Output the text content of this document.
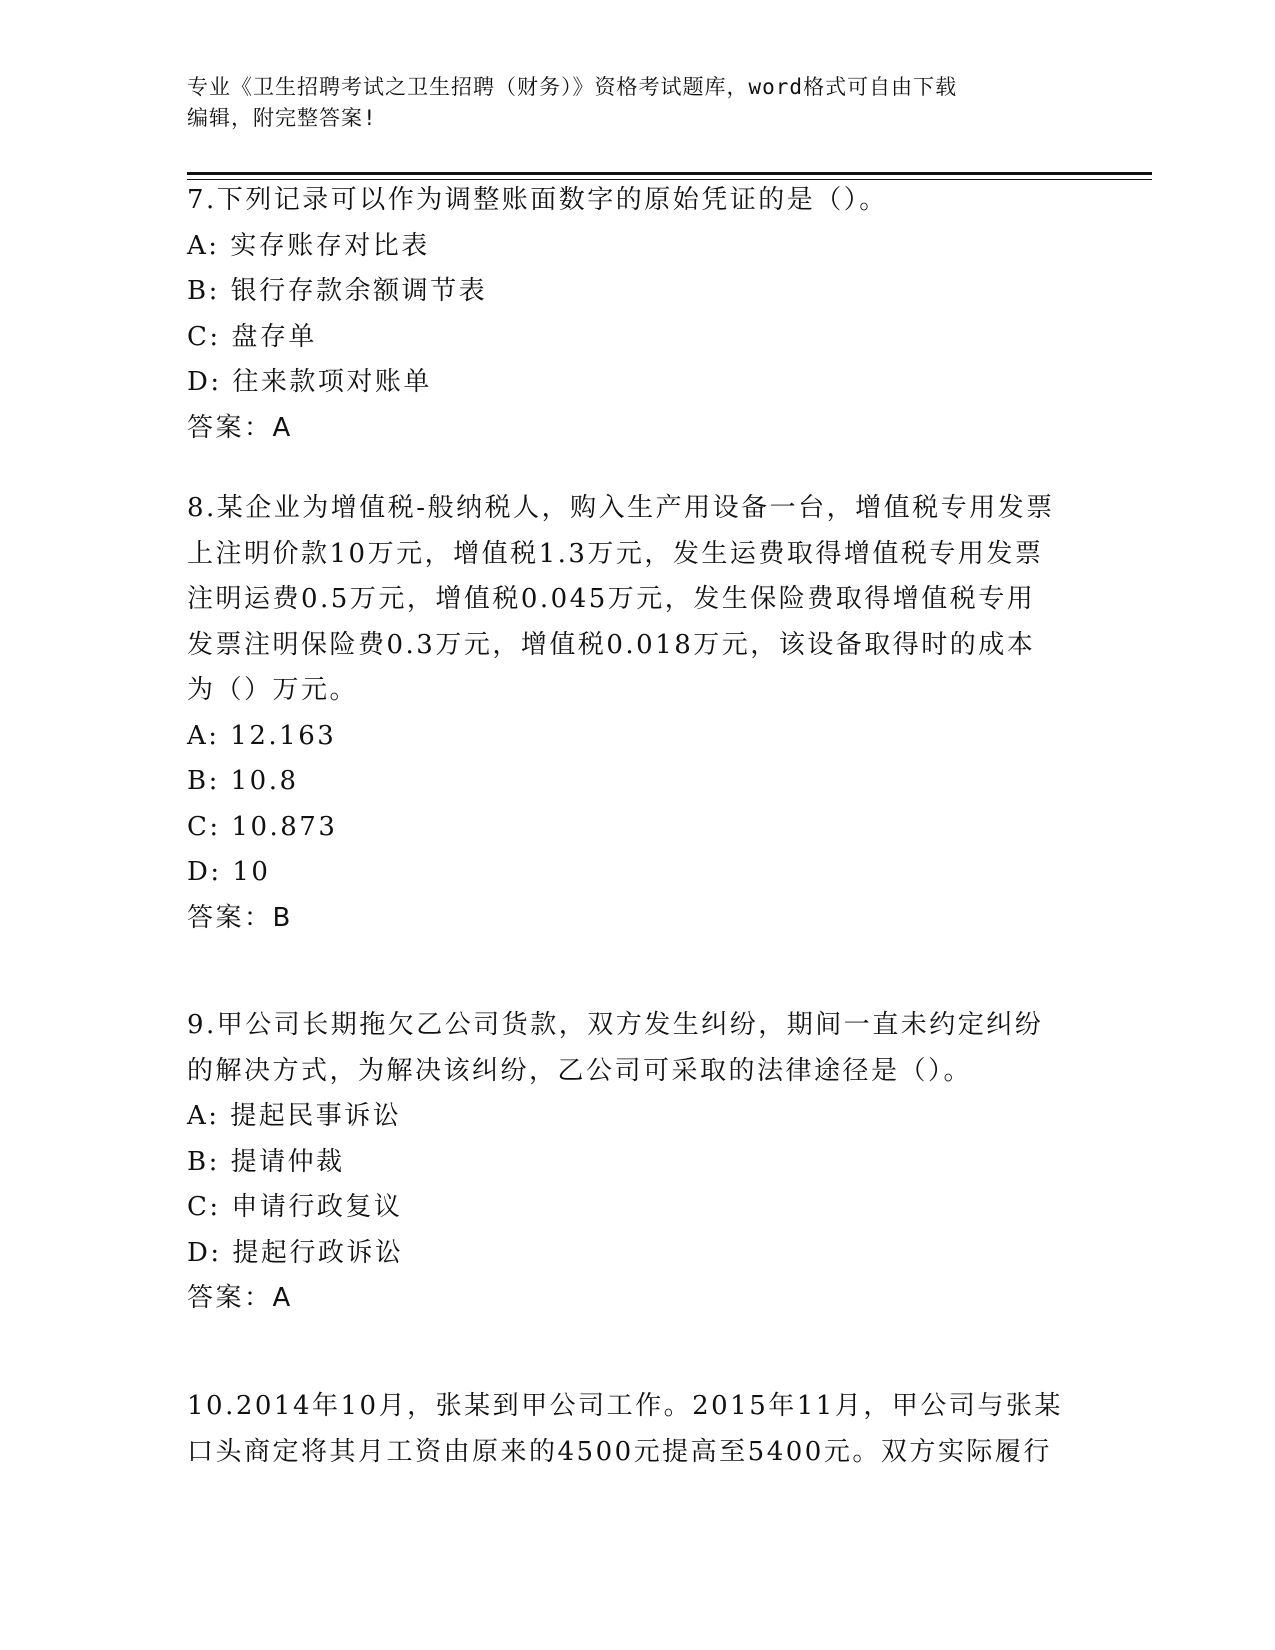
专业《卫生招聘考试之卫生招聘（财务）》资格考试题库，word格式可自由下载
编辑，附完整答案!
7.下列记录可以作为调整账面数字的原始凭证的是（）。
A: 实存账存对比表
B: 银行存款余额调节表
C: 盘存单
D: 往来款项对账单
答案：A
8.某企业为增值税-般纳税人，购入生产用设备一台，增值税专用发票
上注明价款10万元，增值税1.3万元，发生运费取得增值税专用发票
注明运费0.5万元，增值税0.045万元，发生保险费取得增值税专用
发票注明保险费0.3万元，增值税0.018万元，该设备取得时的成本
为（）万元。
A: 12.163
B: 10.8
C: 10.873
D: 10
答案：B
9.甲公司长期拖欠乙公司货款，双方发生纠纷，期间一直未约定纠纷
的解决方式，为解决该纠纷，乙公司可采取的法律途径是（）。
A: 提起民事诉讼
B: 提请仲裁
C: 申请行政复议
D: 提起行政诉讼
答案：A
10.2014年10月，张某到甲公司工作。2015年11月，甲公司与张某
口头商定将其月工资由原来的4500元提高至5400元。双方实际履行
